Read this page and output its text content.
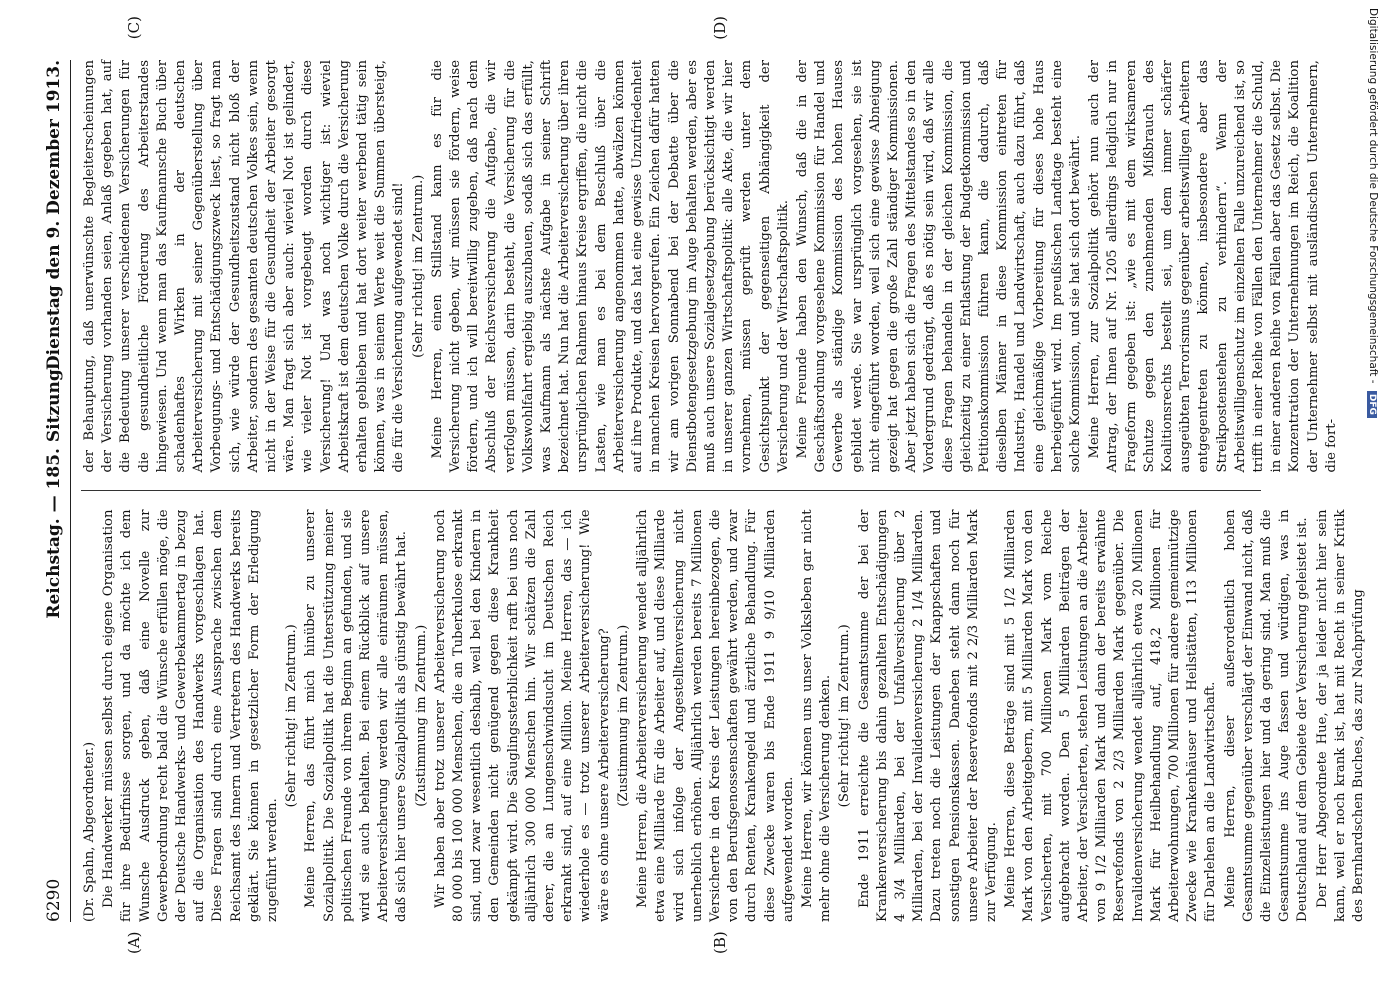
6290
Reichstag. — 185. Sitzung.
Dienstag den 9. Dezember 1913.
(A)	(B)
(C)	(D)

(Dr. Spahn, Abgeordneter.) Die Handwerker müssen selbst durch eigene Organisation für ihre Bedürfnisse sorgen, und da möchte ich dem Wunsche Ausdruck geben, daß eine Novelle zur Gewerbeordnung recht bald die Wünsche erfüllen möge, die der Deutsche Handwerks- und Gewerbekammertag in bezug auf die Organisation des Handwerks vorgeschlagen hat. Diese Fragen sind durch eine Aussprache zwischen dem Reichsamt des Innern und Vertretern des Handwerks bereits geklärt. Sie können in gesetzlicher Form der Erledigung zugeführt werden.

(Sehr richtig! im Zentrum.) Meine Herren, das führt mich hinüber zu unserer Sozialpolitik. Die Sozialpolitik hat die Unterstützung meiner politischen Freunde von ihrem Beginn an gefunden, und sie wird sie auch behalten. Bei einem Rückblick auf unsere Arbeiterversicherung werden wir alle einräumen müssen, daß sich hier unsere Sozialpolitik als günstig bewährt hat. (Zustimmung im Zentrum.) Wir haben aber trotz unserer Arbeiterversicherung noch 80 000 bis 100 000 Menschen, die an Tuberkulose erkrankt sind, und zwar wesentlich deshalb, weil bei den Kindern in den Gemeinden nicht genügend gegen diese Krankheit gekämpft wird. Die Säuglingssterblichkeit rafft bei uns noch alljährlich 300 000 Menschen hin. Wir schätzen die Zahl derer, die an Lungenschwindsucht im Deutschen Reich erkrankt sind, auf eine Million. Meine Herren, das — ich wiederhole es — trotz unserer Arbeiterversicherung! Wie wäre es ohne unsere Arbeiterversicherung? (Zustimmung im Zentrum.) Meine Herren, die Arbeiterversicherung wendet alljährlich etwa eine Milliarde für die Arbeiter auf, und diese Milliarde wird sich infolge der Angestelltenversicherung nicht unerheblich erhöhen. Alljährlich werden bereits 7 Millionen Versicherte in den Kreis der Leistungen hereinbezogen, die von den Berufsgenossenschaften gewährt werden, und zwar durch Renten, Krankengeld und ärztliche Behandlung. Für diese Zwecke waren bis Ende 1911 9 9/10 Milliarden aufgewendet worden. Meine Herren, wir können uns unser Volksleben gar nicht mehr ohne die Versicherung denken. (Sehr richtig! im Zentrum.) Ende 1911 erreichte die Gesamtsumme der bei der Krankenversicherung bis dahin gezahlten Entschädigungen 4 3/4 Milliarden, bei der Unfallversicherung über 2 Milliarden, bei der Invalidenversicherung 2 1/4 Milliarden. Dazu treten noch die Leistungen der Knappschaften und sonstigen Pensionskassen. Daneben steht dann noch für unsere Arbeiter der Reservefonds mit 2 2/3 Milliarden Mark zur Verfügung. Meine Herren, diese Beträge sind mit 5 1/2 Milliarden Mark von den Arbeitgebern, mit 5 Milliarden Mark von den Versicherten, mit 700 Millionen Mark vom Reiche aufgebracht worden. Den 5 Milliarden Beiträgen der Arbeiter, der Versicherten, stehen Leistungen an die Arbeiter von 9 1/2 Milliarden Mark und dann der bereits erwähnte Reservefonds von 2 2/3 Milliarden Mark gegenüber. Die Invalidenversicherung wendet alljährlich etwa 20 Millionen Mark für Heilbehandlung auf, 418,2 Millionen für Arbeiterwohnungen, 700 Millionen für andere gemeinnützige Zwecke wie Krankenhäuser und Heilstätten, 113 Millionen für Darlehen an die Landwirtschaft. Meine Herren, dieser außerordentlich hohen Gesamtsumme gegenüber verschlägt der Einwand nicht, daß die Einzelleistungen hier und da gering sind. Man muß die Gesamtsumme ins Auge fassen und würdigen, was in Deutschland auf dem Gebiete der Versicherung geleistet ist. Der Herr Abgeordnete Hue, der ja leider nicht hier sein kann, weil er noch krank ist, hat mit Recht in seiner Kritik des Bernhardschen Buches, das zur Nachprüfung

der Behauptung, daß unerwünschte Begleiterscheinungen der Versicherung vorhanden seien, Anlaß gegeben hat, auf die Bedeutung unserer verschiedenen Versicherungen für die gesundheitliche Förderung des Arbeiterstandes hingewiesen. Und wenn man das Kaufmannsche Buch über schadenhaftes Wirken in der deutschen Arbeiterversicherung mit seiner Gegenüberstellung über Vorbeugungs- und Entschädigungszweck liest, so fragt man sich, wie würde der Gesundheitszustand nicht bloß der Arbeiter, sondern des gesamten deutschen Volkes sein, wenn nicht in der Weise für die Gesundheit der Arbeiter gesorgt wäre. Man fragt sich aber auch: wieviel Not ist gelindert, wie vieler Not ist vorgebeugt worden durch diese Versicherung! Und was noch wichtiger ist: wieviel Arbeitskraft ist dem deutschen Volke durch die Versicherung erhalten geblieben und hat dort weiter werbend tätig sein können, was in seinem Werte weit die Summen übersteigt, die für die Versicherung aufgewendet sind! (Sehr richtig! im Zentrum.) Meine Herren, einen Stillstand kann es für die Versicherung nicht geben, wir müssen sie fördern, weise fördern, und ich will bereitwillig zugeben, daß nach dem Abschluß der Reichsversicherung die Aufgabe, die wir verfolgen müssen, darin besteht, die Versicherung für die Volkswohlfahrt ergiebig auszubauen, sodaß sich das erfüllt, was Kaufmann als nächste Aufgabe in seiner Schrift bezeichnet hat. Nun hat die Arbeiterversicherung über ihren ursprünglichen Rahmen hinaus Kreise ergriffen, die nicht die Lasten, wie man es bei dem Beschluß über die Arbeiterversicherung angenommen hatte, abwälzen können auf ihre Produkte, und das hat eine gewisse Unzufriedenheit in manchen Kreisen hervorgerufen. Ein Zeichen dafür hatten wir am vorigen Sonnabend bei der Debatte über die Dienstbotengesetzgebung im Auge behalten werden, aber es muß auch unsere Sozialgesetzgebung berücksichtigt werden in unserer ganzen Wirtschaftspolitik: alle Akte, die wir hier vornehmen, müssen geprüft werden unter dem Gesichtspunkt der gegenseitigen Abhängigkeit der Versicherung und der Wirtschaftspolitik. Meine Freunde haben den Wunsch, daß die in der Geschäftsordnung vorgesehene Kommission für Handel und Gewerbe als ständige Kommission des hohen Hauses gebildet werde. Sie war ursprünglich vorgesehen, sie ist nicht eingeführt worden, weil sich eine gewisse Abneigung gezeigt hat gegen die große Zahl ständiger Kommissionen. Aber jetzt haben sich die Fragen des Mittelstandes so in den Vordergrund gedrängt, daß es nötig sein wird, daß wir alle diese Fragen behandeln in der gleichen Kommission, die gleichzeitig zu einer Entlastung der Budgetkommission und Petitionskommission führen kann, die dadurch, daß dieselben Männer in diese Kommission eintreten für Industrie, Handel und Landwirtschaft, auch dazu führt, daß eine gleichmäßige Vorbereitung für dieses hohe Haus herbeigeführt wird. Im preußischen Landtage besteht eine solche Kommission, und sie hat sich dort bewährt. Meine Herren, zur Sozialpolitik gehört nun auch der Antrag, der Ihnen auf Nr. 1205 allerdings lediglich nur in Frageform gegeben ist: „wie es mit dem wirksameren Schutze gegen den zunehmenden Mißbrauch des Koalitionsrechts bestellt sei, um dem immer schärfer ausgeübten Terrorismus gegenüber arbeitswilligen Arbeitern entgegentreten zu können, insbesondere aber das Streikpostenstehen zu verhindern“. Wenn der Arbeitswilligenschutz im einzelnen Falle unzureichend ist, so trifft in einer Reihe von Fällen den Unternehmer die Schuld, in einer anderen Reihe von Fällen aber das Gesetz selbst. Die Konzentration der Unternehmungen im Reich, die Koalition der Unternehmer selbst mit ausländischen Unternehmern, die fort-

Digitalisierung gefördert durch die Deutsche Forschungsgemeinschaft - DFG
